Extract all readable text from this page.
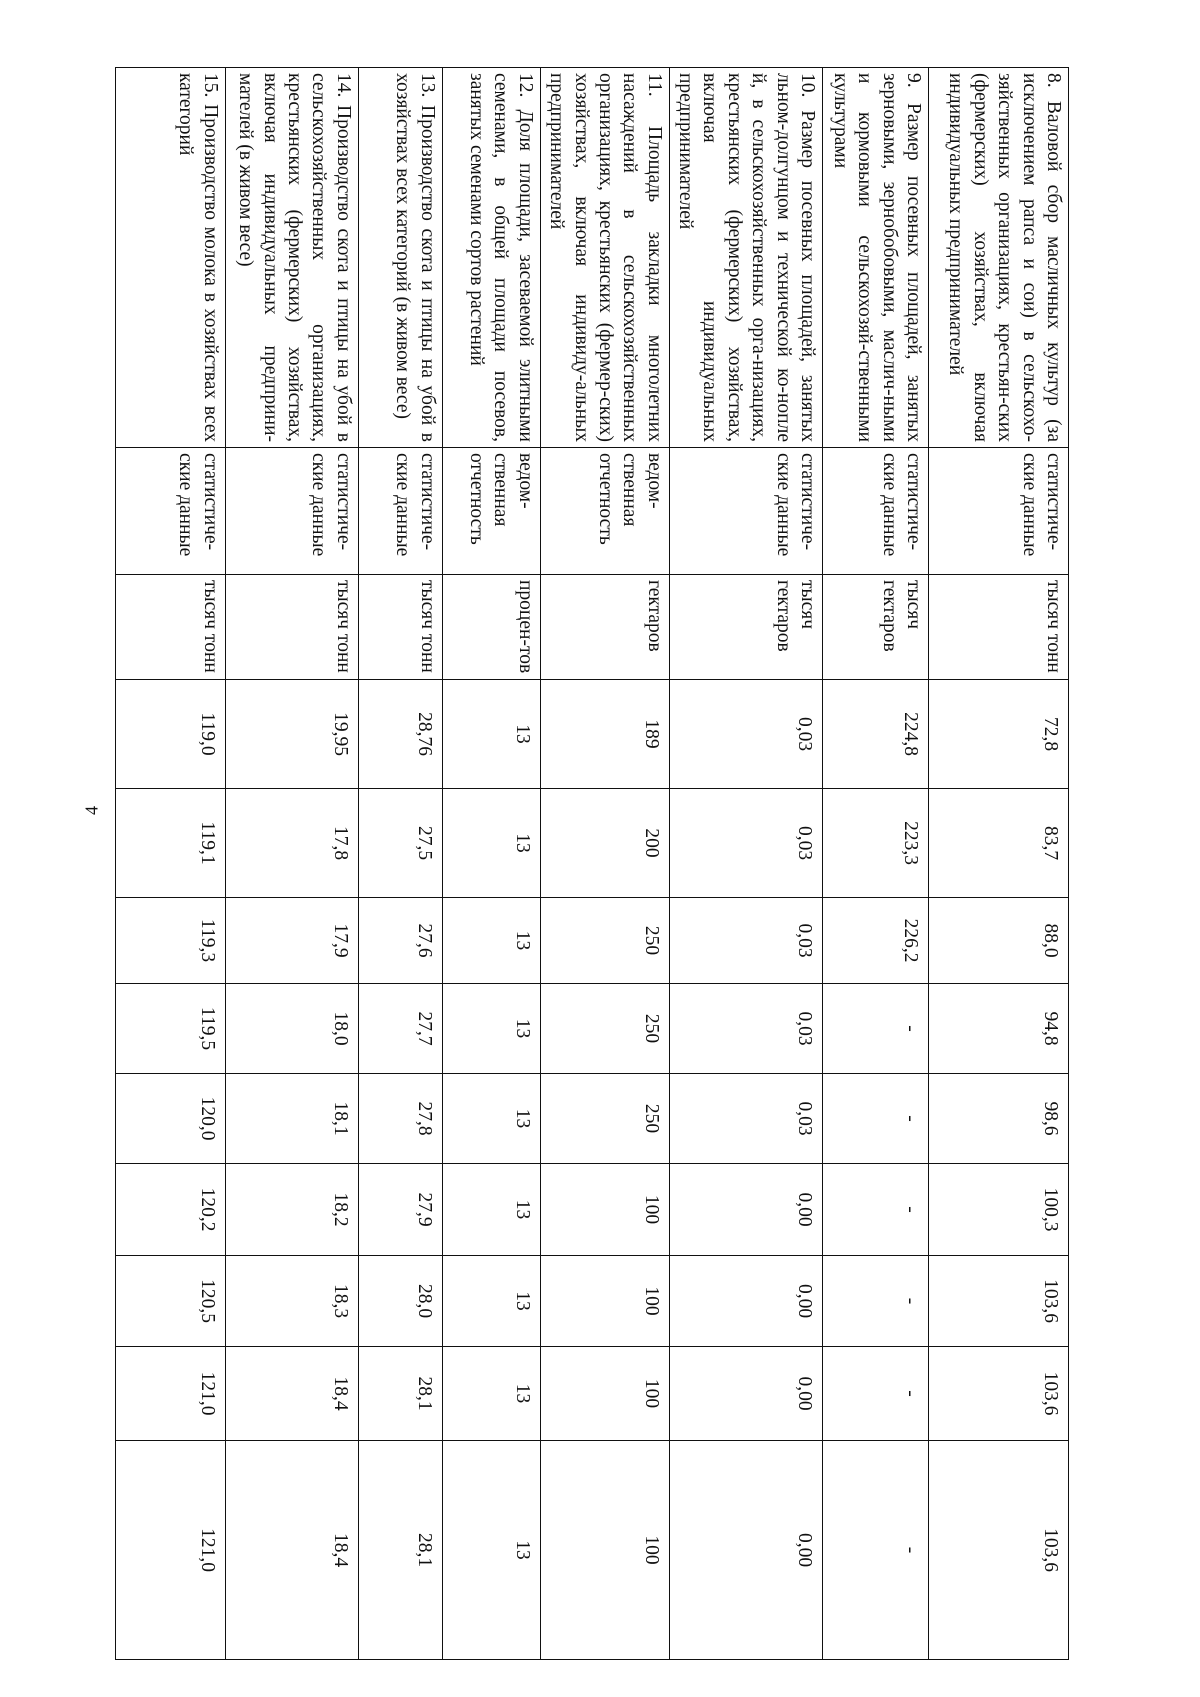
4
8. Валовой сбор масличных культур (за исключением рапса и сои) в сельскохо-зяйственных организациях, крестьян-ских (фермерских) хозяйствах, включая индивидуальных предпринимателей	статистиче-ские данные	тысяч тонн	72,8	83,7	88,0	94,8	98,6	100,3	103,6	103,6	103,6
9. Размер посевных площадей, занятых зерновыми, зернобобовыми, маслич-ными и кормовыми сельскохозяй-ственными культурами	статистиче-ские данные	тысяч гектаров	224,8	223,3	226,2	-	-	-	-	-	-
10. Размер посевных площадей, занятых льном-долгунцом и технической ко-нопле й, в сельскохозяйственных орга-низациях, крестьянских (фермерских) хозяйствах, включая индивидуальных предпринимателей	статистиче-ские данные	тысяч гектаров	0,03	0,03	0,03	0,03	0,03	0,00	0,00	0,00	0,00
11. Площадь закладки многолетних насаждений в сельскохозяйственных организациях, крестьянских (фермер-ских) хозяйствах, включая индивиду-альных предпринимателей	ведом-ственная отчетность	гектаров	189	200	250	250	250	100	100	100	100
12. Доля площади, засеваемой элитными семенами, в общей площади посевов, занятых семенами сортов растений	ведом-ственная отчетность	процен-тов	13	13	13	13	13	13	13	13	13
13. Производство скота и птицы на убой в хозяйствах всех категорий (в живом весе)	статистиче-ские данные	тысяч тонн	28,76	27,5	27,6	27,7	27,8	27,9	28,0	28,1	28,1
14. Производство скота и птицы на убой в сельскохозяйственных организациях, крестьянских (фермерских) хозяйствах, включая индивидуальных предприни-мателей (в живом весе)	статистиче-ские данные	тысяч тонн	19,95	17,8	17,9	18,0	18,1	18,2	18,3	18,4	18,4
15. Производство молока в хозяйствах всех категорий	статистиче-ские данные	тысяч тонн	119,0	119,1	119,3	119,5	120,0	120,2	120,5	121,0	121,0
